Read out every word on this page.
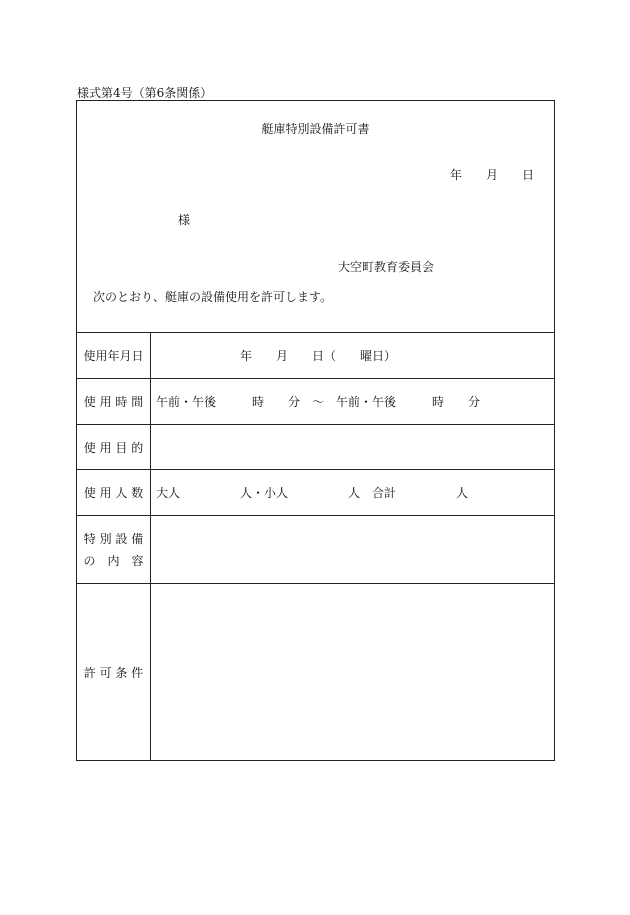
様式第4号（第6条関係）
艇庫特別設備許可書
年　　月　　日
様
大空町教育委員会
次のとおり、艇庫の設備使用を許可します。
使用年月日	　　　　　　　年　　月　　日（　　曜日）
使 用 時 間	午前・午後　　　時　　分　～　午前・午後　　　時　　分
使 用 目 的
使 用 人 数	大人　　　　　人・小人　　　　　人　合計　　　　　人
特 別 設 備
の　内　容
許 可 条 件
